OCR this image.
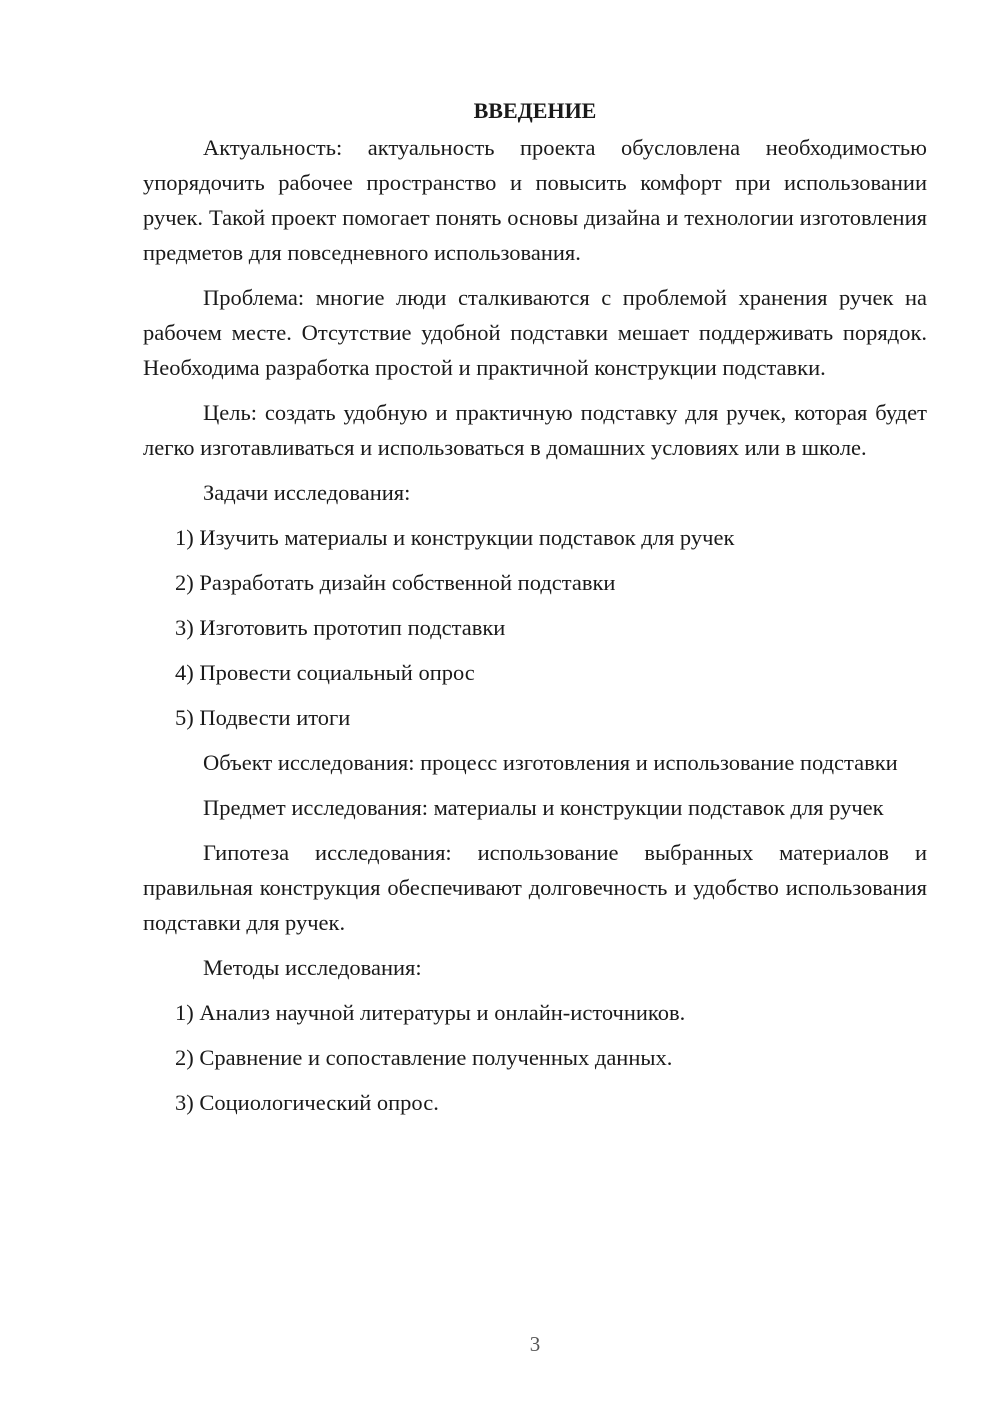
ВВЕДЕНИЕ

Актуальность: актуальность проекта обусловлена необходимостью упорядочить рабочее пространство и повысить комфорт при использовании ручек. Такой проект помогает понять основы дизайна и технологии изготовления предметов для повседневного использования.

Проблема: многие люди сталкиваются с проблемой хранения ручек на рабочем месте. Отсутствие удобной подставки мешает поддерживать порядок. Необходима разработка простой и практичной конструкции подставки.

Цель: создать удобную и практичную подставку для ручек, которая будет легко изготавливаться и использоваться в домашних условиях или в школе.

Задачи исследования:

1) Изучить материалы и конструкции подставок для ручек
2) Разработать дизайн собственной подставки
3) Изготовить прототип подставки
4) Провести социальный опрос
5) Подвести итоги

Объект исследования: процесс изготовления и использование подставки

Предмет исследования: материалы и конструкции подставок для ручек

Гипотеза исследования: использование выбранных материалов и правильная конструкция обеспечивают долговечность и удобство использования подставки для ручек.

Методы исследования:

1) Анализ научной литературы и онлайн-источников.
2) Сравнение и сопоставление полученных данных.
3) Социологический опрос.
3
